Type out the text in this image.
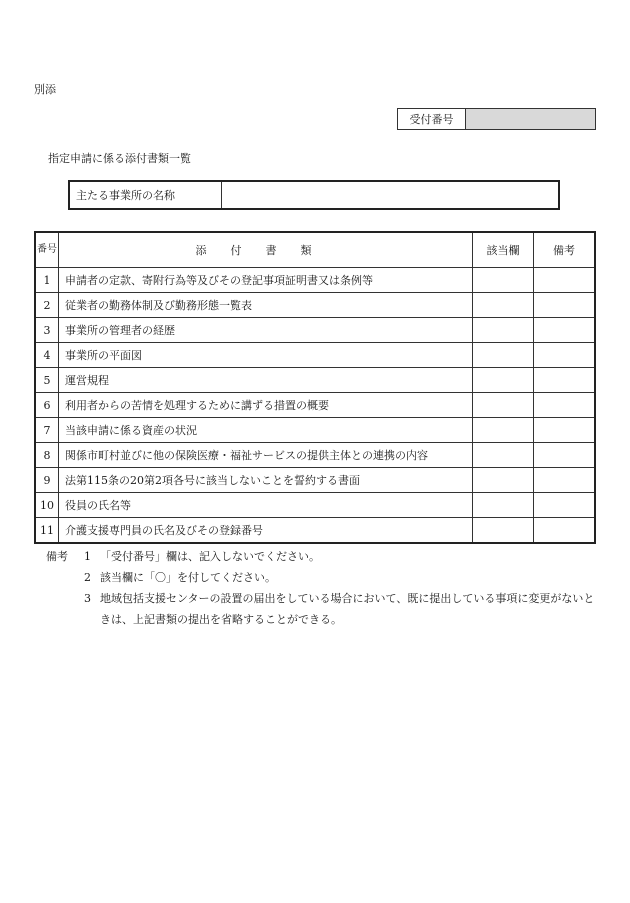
別添
受付番号
指定申請に係る添付書類一覧
主たる事業所の名称
番号	添付書類	該当欄	備考
1	申請者の定款、寄附行為等及びその登記事項証明書又は条例等		
2	従業者の勤務体制及び勤務形態一覧表		
3	事業所の管理者の経歴		
4	事業所の平面図		
5	運営規程		
6	利用者からの苦情を処理するために講ずる措置の概要		
7	当該申請に係る資産の状況		
8	関係市町村並びに他の保険医療・福祉サービスの提供主体との連携の内容		
9	法第115条の20第2項各号に該当しないことを誓約する書面		
10	役員の氏名等		
11	介護支援専門員の氏名及びその登録番号		
備考	1 「受付番号」欄は、記入しないでください。
2 該当欄に「〇」を付してください。
3 地域包括支援センターの設置の届出をしている場合において、既に提出している事項に変更がないときは、上記書類の提出を省略することができる。
